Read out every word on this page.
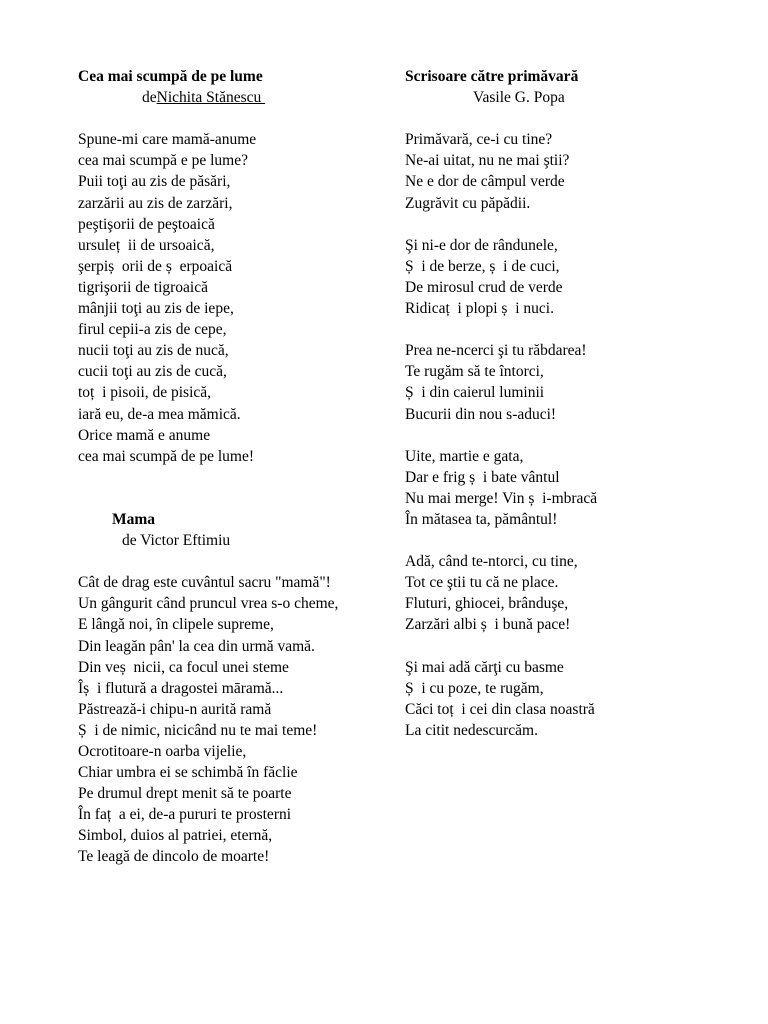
Cea mai scumpă de pe lume
deNichita Stănescu
Spune-mi care mamă-anume
cea mai scumpă e pe lume?
Puii toţi au zis de păsări,
zarzării au zis de zarzări,
peştişorii de peştoaică
ursuleț  ii de ursoaică,
şerpiș  orii de ș  erpoaică
tigrişorii de tigroaică
mânjii toţi au zis de iepe,
firul cepii-a zis de cepe,
nucii toţi au zis de nucă,
cucii toţi au zis de cucă,
toț  i pisoii, de pisică,
iară eu, de-a mea mămică.
Orice mamă e anume
cea mai scumpă de pe lume!
Mama
de Victor Eftimiu
Cât de drag este cuvântul sacru "mamă"!
Un gângurit când pruncul vrea s-o cheme,
E lângă noi, în clipele supreme,
Din leagăn pân' la cea din urmă vamă.
Din veș  nicii, ca focul unei steme
Îș  i flutură a dragostei māramă...
Păstrează-i chipu-n aurită ramă
Ș  i de nimic, nicicând nu te mai teme!
Ocrotitoare-n oarba vijelie,
Chiar umbra ei se schimbă în făclie
Pe drumul drept menit să te poarte
În faț  a ei, de-a pururi te prosterni
Simbol, duios al patriei, eternă,
Te leagă de dincolo de moarte!
Scrisoare către primăvară
Vasile G. Popa
Primăvară, ce-i cu tine?
Ne-ai uitat, nu ne mai ştii?
Ne e dor de câmpul verde
Zugrăvit cu păpădii.
Şi ni-e dor de rândunele,
Ș  i de berze, ș  i de cuci,
De mirosul crud de verde
Ridicaț  i plopi ș  i nuci.
Prea ne-ncerci şi tu răbdarea!
Te rugăm să te întorci,
Ș  i din caierul luminii
Bucurii din nou s-aduci!
Uite, martie e gata,
Dar e frig ș  i bate vântul
Nu mai merge! Vin ș  i-mbracă
În mătasea ta, pământul!
Adă, când te-ntorci, cu tine,
Tot ce ştii tu că ne place.
Fluturi, ghiocei, brânduşe,
Zarzări albi ș  i bună pace!
Şi mai adă cărţi cu basme
Ș  i cu poze, te rugăm,
Căci toț  i cei din clasa noastră
La citit nedescurcăm.
